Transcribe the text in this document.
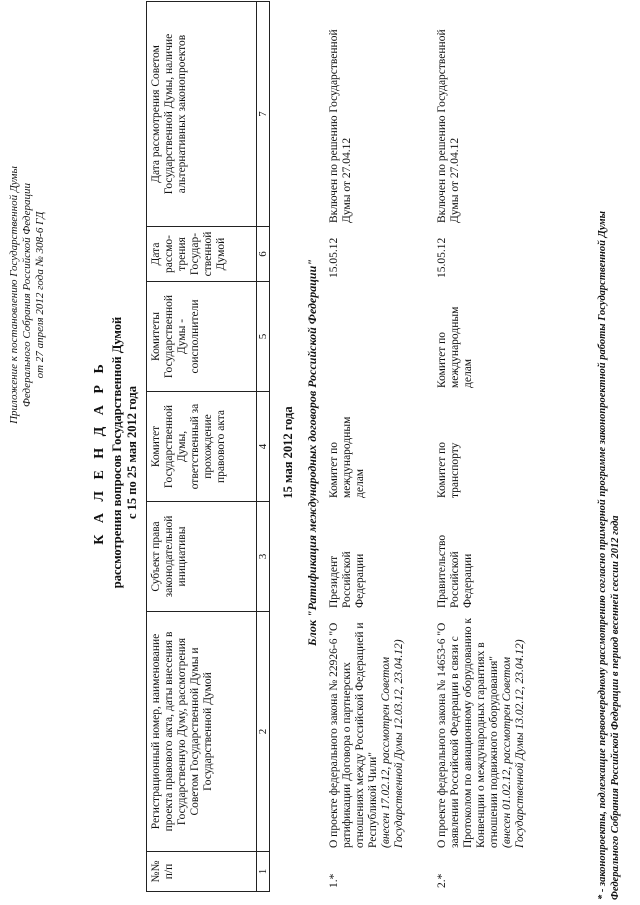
Приложение к постановлению Государственной Думы Федерального Собрания Российской Федерации от 27 апреля 2012 года № 308-6 ГД
К А Л Е Н Д А Р Ь рассмотрения вопросов Государственной Думой с 15 по 25 мая 2012 года
№№ п/п	Регистрационный номер, наименование проекта правового акта, даты внесения в Государственную Думу, рассмотрения Советом Государственной Думы и Государственной Думой	Субъект права законодательной инициативы	Комитет Государственной Думы, ответственный за прохождение правового акта	Комитеты Государственной Думы - соисполнители	Дата рассмо-трения Государ-ственной Думой	Дата рассмотрения Советом Государственной Думы, наличие альтернативных законопроектов
1	2	3	4	5	6	7
15 мая 2012 года Блок "Ратификация международных договоров Российской Федерации"
1.*	О проекте федерального закона № 22926-6 "О ратификации Договора о партнерских отношениях между Российской Федерацией и Республикой Чили" (внесен 17.02.12, рассмотрен Советом Государственной Думы 12.03.12, 23.04.12)	Президент Российской Федерации	Комитет по международным делам		15.05.12	Включен по решению Государственной Думы от 27.04.12
2.*	О проекте федерального закона № 14653-6 "О заявлении Российской Федерации в связи с Протоколом по авиационному оборудованию к Конвенции о международных гарантиях в отношении подвижного оборудования" (внесен 01.02.12, рассмотрен Советом Государственной Думы 13.02.12, 23.04.12)	Правительство Российской Федерации	Комитет по транспорту	Комитет по международным делам	15.05.12	Включен по решению Государственной Думы от 27.04.12
* - законопроекты, подлежащие первоочередному рассмотрению согласно примерной программе законопроектной работы Государственной Думы Федерального Собрания Российской Федерации в период весенней сессии 2012 года
